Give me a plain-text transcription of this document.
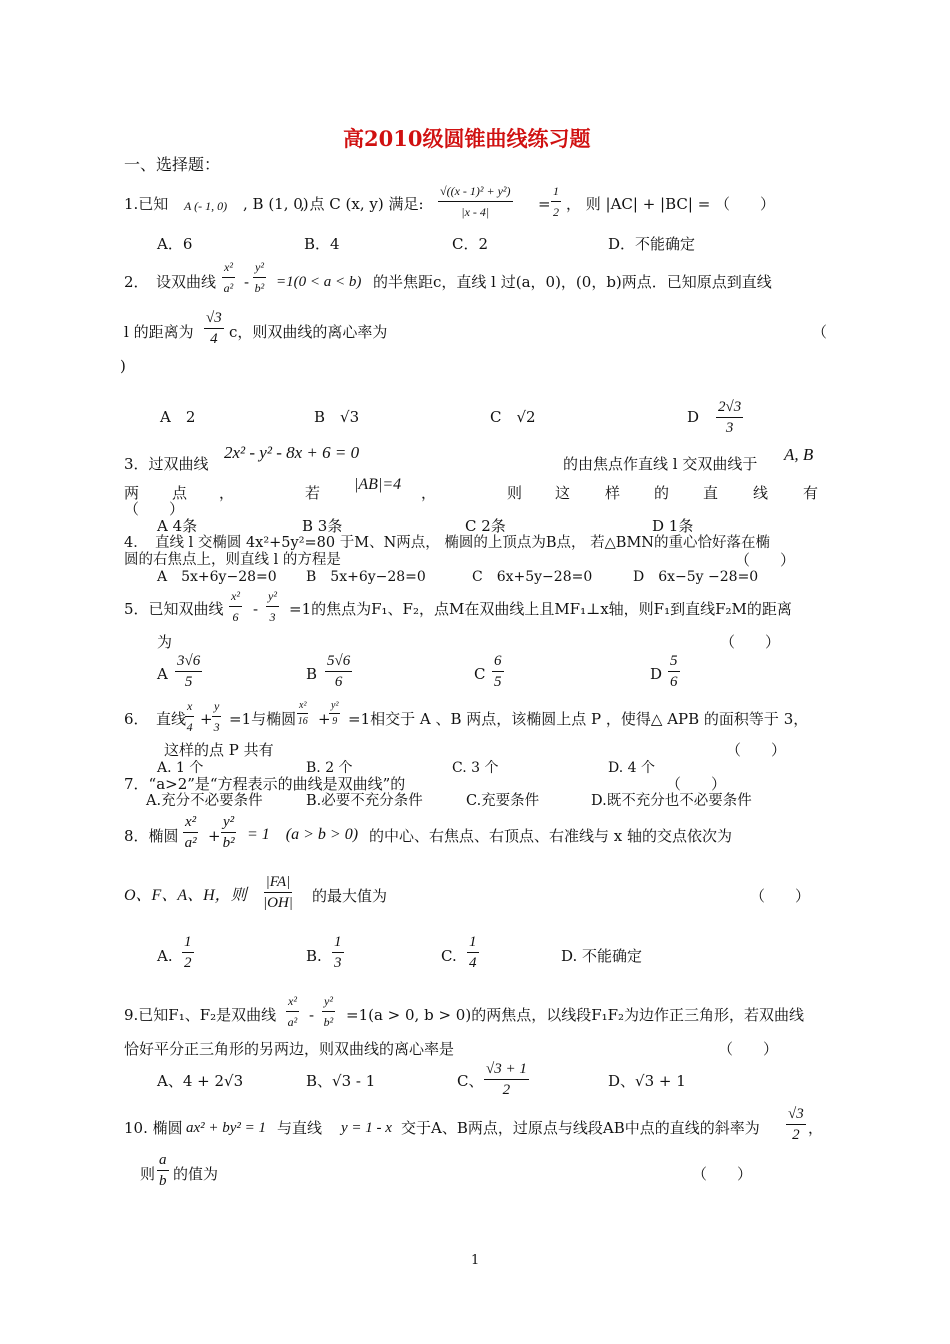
高2010级圆锥曲线练习题
一、选择题：
1.已知 A (- 1, 0) , B (1, 0)
, 点 C (x, y) 满足: $\frac{\text{√((x - 1)² + y²)}}{|x - 4|} = \frac{1}{2}$ ， 则 |AC| + |BC| = （　　）
A．6	B．4	C．2	D．不能确定
2．　设双曲线 $\frac{\text{x²}}{\text{a²}} - \frac{\text{y²}}{\text{b²}} =1(0 < a < b)$ 的半焦距c，直线 l 过(a，0)，(0，b)两点．已知原点到直线
l 的距离为 $\frac{√3}{4}$ c，则双曲线的离心率为	（
)
A　2	B　√3	C　√2	D $\frac{2√3}{3}$
3．过双曲线
2x² - y² - 8x + 6 = 0
的由焦点作直线 l 交双曲线于 A, B
两 点 ，	若 |AB|=4 ，	则 这 样 的 直 线 有
（　　）
A 4条	B 3条	C 2条	D 1条
4．　直线 l 交椭圆 4x²+5y²=80 于M、N两点， 椭圆的上顶点为B点， 若△BMN的重心恰好落在椭
圆的右焦点上，则直线 l 的方程是	（　　）
A　5x+6y−28=0 B　5x+6y−28=0	C　6x+5y−28=0	D　6x−5y −28=0
5．已知双曲线 $\frac{\text{x²}}{6} - \frac{\text{y²}}{3} =1$的焦点为F₁、F₂，点M在双曲线上且MF₁⊥x轴，则F₁到直线F₂M的距离
为	（　　）
A $\frac{3√6}{5}$	B $\frac{5√6}{6}$	C $\frac{6}{5}$	D $\frac{5}{6}$
6．　直线
$\frac{x}{4} + \frac{y}{3} =1$与椭圆 $\frac{\text{x²}}{16}$ +
$\frac{\text{y²}}{9} =1$相交于 A 、B 两点，该椭圆上点 P ，使得△ APB 的面积等于 3，
这样的点 P 共有	（　　）
A. 1 个	B. 2 个	C. 3 个	D. 4 个
7．“a>2”是“方程表示的曲线是双曲线”的	（　　）
A.充分不必要条件	B.必要不充分条件	C.充要条件	D.既不充分也不必要条件
8．椭圆 $\frac{\text{x²}}{\text{a²}} + \frac{\text{y²}}{\text{b²}} = 1$　(a > b > 0) 的中心、右焦点、右顶点、右准线与 x 轴的交点依次为
O、F、A、H，则 $\frac{|FA|}{|OH|}$ 的最大值为	（　　）
A. $\frac{1}{2}$	B. $\frac{1}{3}$	C. $\frac{1}{4}$	D. 不能确定
9.已知F₁、F₂是双曲线 $\frac{\text{x²}}{\text{a²}} - \frac{\text{y²}}{\text{b²}} =1(a > 0$, b > 0)的两焦点，以线段F₁F₂为边作正三角形，若双曲线
恰好平分正三角形的另两边，则双曲线的离心率是	（　　）
A、4 + 2√3	B、√3 - 1	C、 $\frac{√3 + 1}{2}$	D、√3 + 1
10. 椭圆 ax² + by² = 1 与直线 y = 1 - x 交于A、B两点，过原点与线段AB中点的直线的斜率为 $\frac{√3}{2}$ ，
则 $\frac{a}{b}$ 的值为	（　　）
1
